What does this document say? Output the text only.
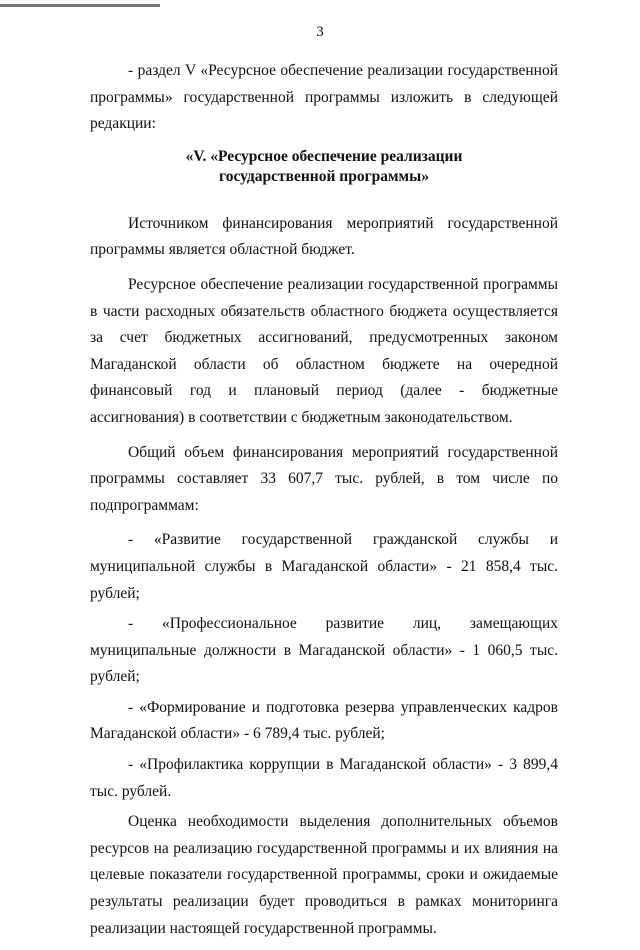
3

- раздел V «Ресурсное обеспечение реализации государственной программы» государственной программы изложить в следующей редакции:

«V. «Ресурсное обеспечение реализации
государственной программы»

Источником финансирования мероприятий государственной программы является областной бюджет.

Ресурсное обеспечение реализации государственной программы в части расходных обязательств областного бюджета осуществляется за счет бюджетных ассигнований, предусмотренных законом Магаданской области об областном бюджете на очередной финансовый год и плановый период (далее - бюджетные ассигнования) в соответствии с бюджетным законодательством.

Общий объем финансирования мероприятий государственной программы составляет 33 607,7 тыс. рублей, в том числе по подпрограммам:

- «Развитие государственной гражданской службы и муниципальной службы в Магаданской области» - 21 858,4 тыс. рублей;

- «Профессиональное развитие лиц, замещающих муниципальные должности в Магаданской области» - 1 060,5 тыс. рублей;

- «Формирование и подготовка резерва управленческих кадров Магаданской области» - 6 789,4 тыс. рублей;

- «Профилактика коррупции в Магаданской области» - 3 899,4 тыс. рублей.

Оценка необходимости выделения дополнительных объемов ресурсов на реализацию государственной программы и их влияния на целевые показатели государственной программы, сроки и ожидаемые результаты реализации будет проводиться в рамках мониторинга реализации настоящей государственной программы.
